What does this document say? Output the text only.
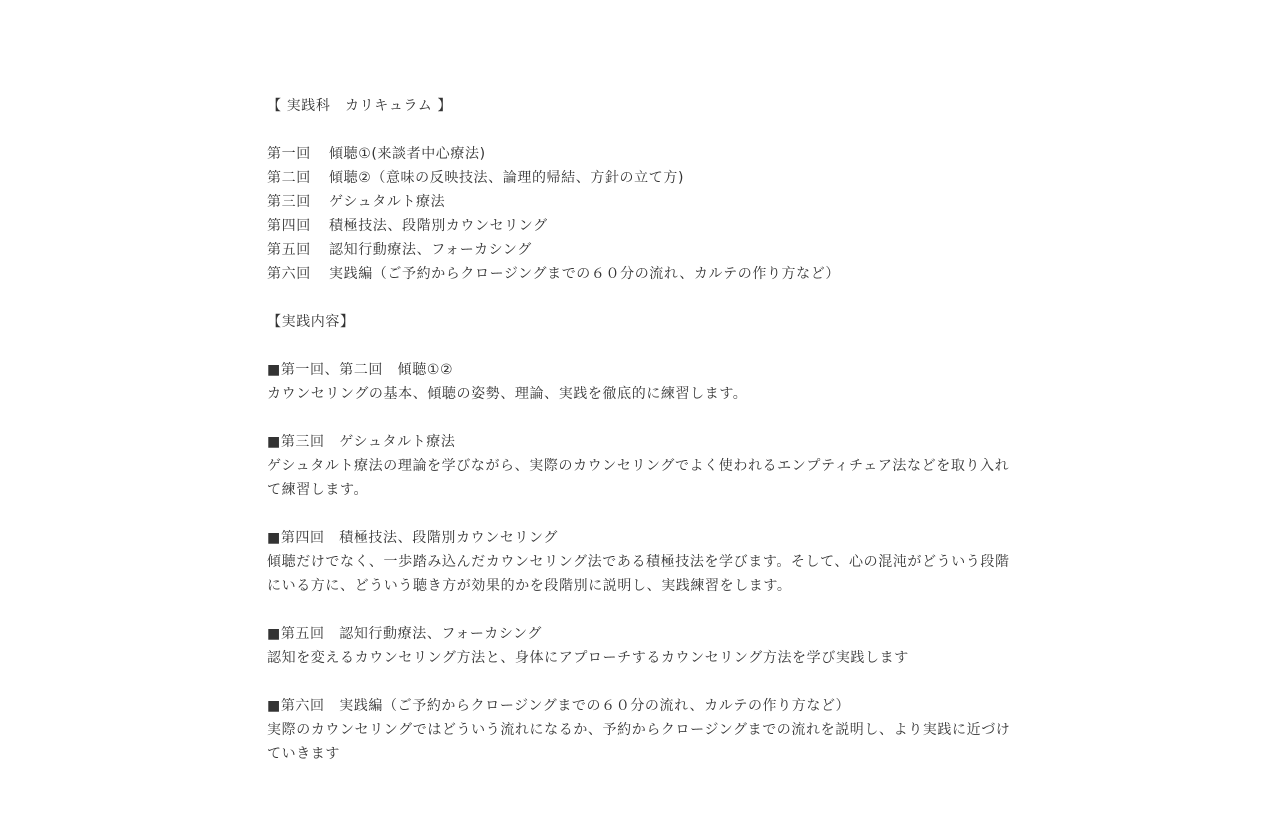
【 実践科　カリキュラム 】
第一回 傾聴①(来談者中心療法)
第二回 傾聴②（意味の反映技法、論理的帰結、方針の立て方)
第三回 ゲシュタルト療法
第四回 積極技法、段階別カウンセリング
第五回 認知行動療法、フォーカシング
第六回 実践編（ご予約からクロージングまでの６０分の流れ、カルテの作り方など）
【実践内容】
■第一回、第二回　傾聴①②
カウンセリングの基本、傾聴の姿勢、理論、実践を徹底的に練習します。
■第三回　ゲシュタルト療法
ゲシュタルト療法の理論を学びながら、実際のカウンセリングでよく使われるエンプティチェア法などを取り入れて練習します。
■第四回　積極技法、段階別カウンセリング
傾聴だけでなく、一歩踏み込んだカウンセリング法である積極技法を学びます。そして、心の混沌がどういう段階にいる方に、どういう聴き方が効果的かを段階別に説明し、実践練習をします。
■第五回　認知行動療法、フォーカシング
認知を変えるカウンセリング方法と、身体にアプローチするカウンセリング方法を学び実践します
■第六回　実践編（ご予約からクロージングまでの６０分の流れ、カルテの作り方など）
実際のカウンセリングではどういう流れになるか、予約からクロージングまでの流れを説明し、より実践に近づけていきます
